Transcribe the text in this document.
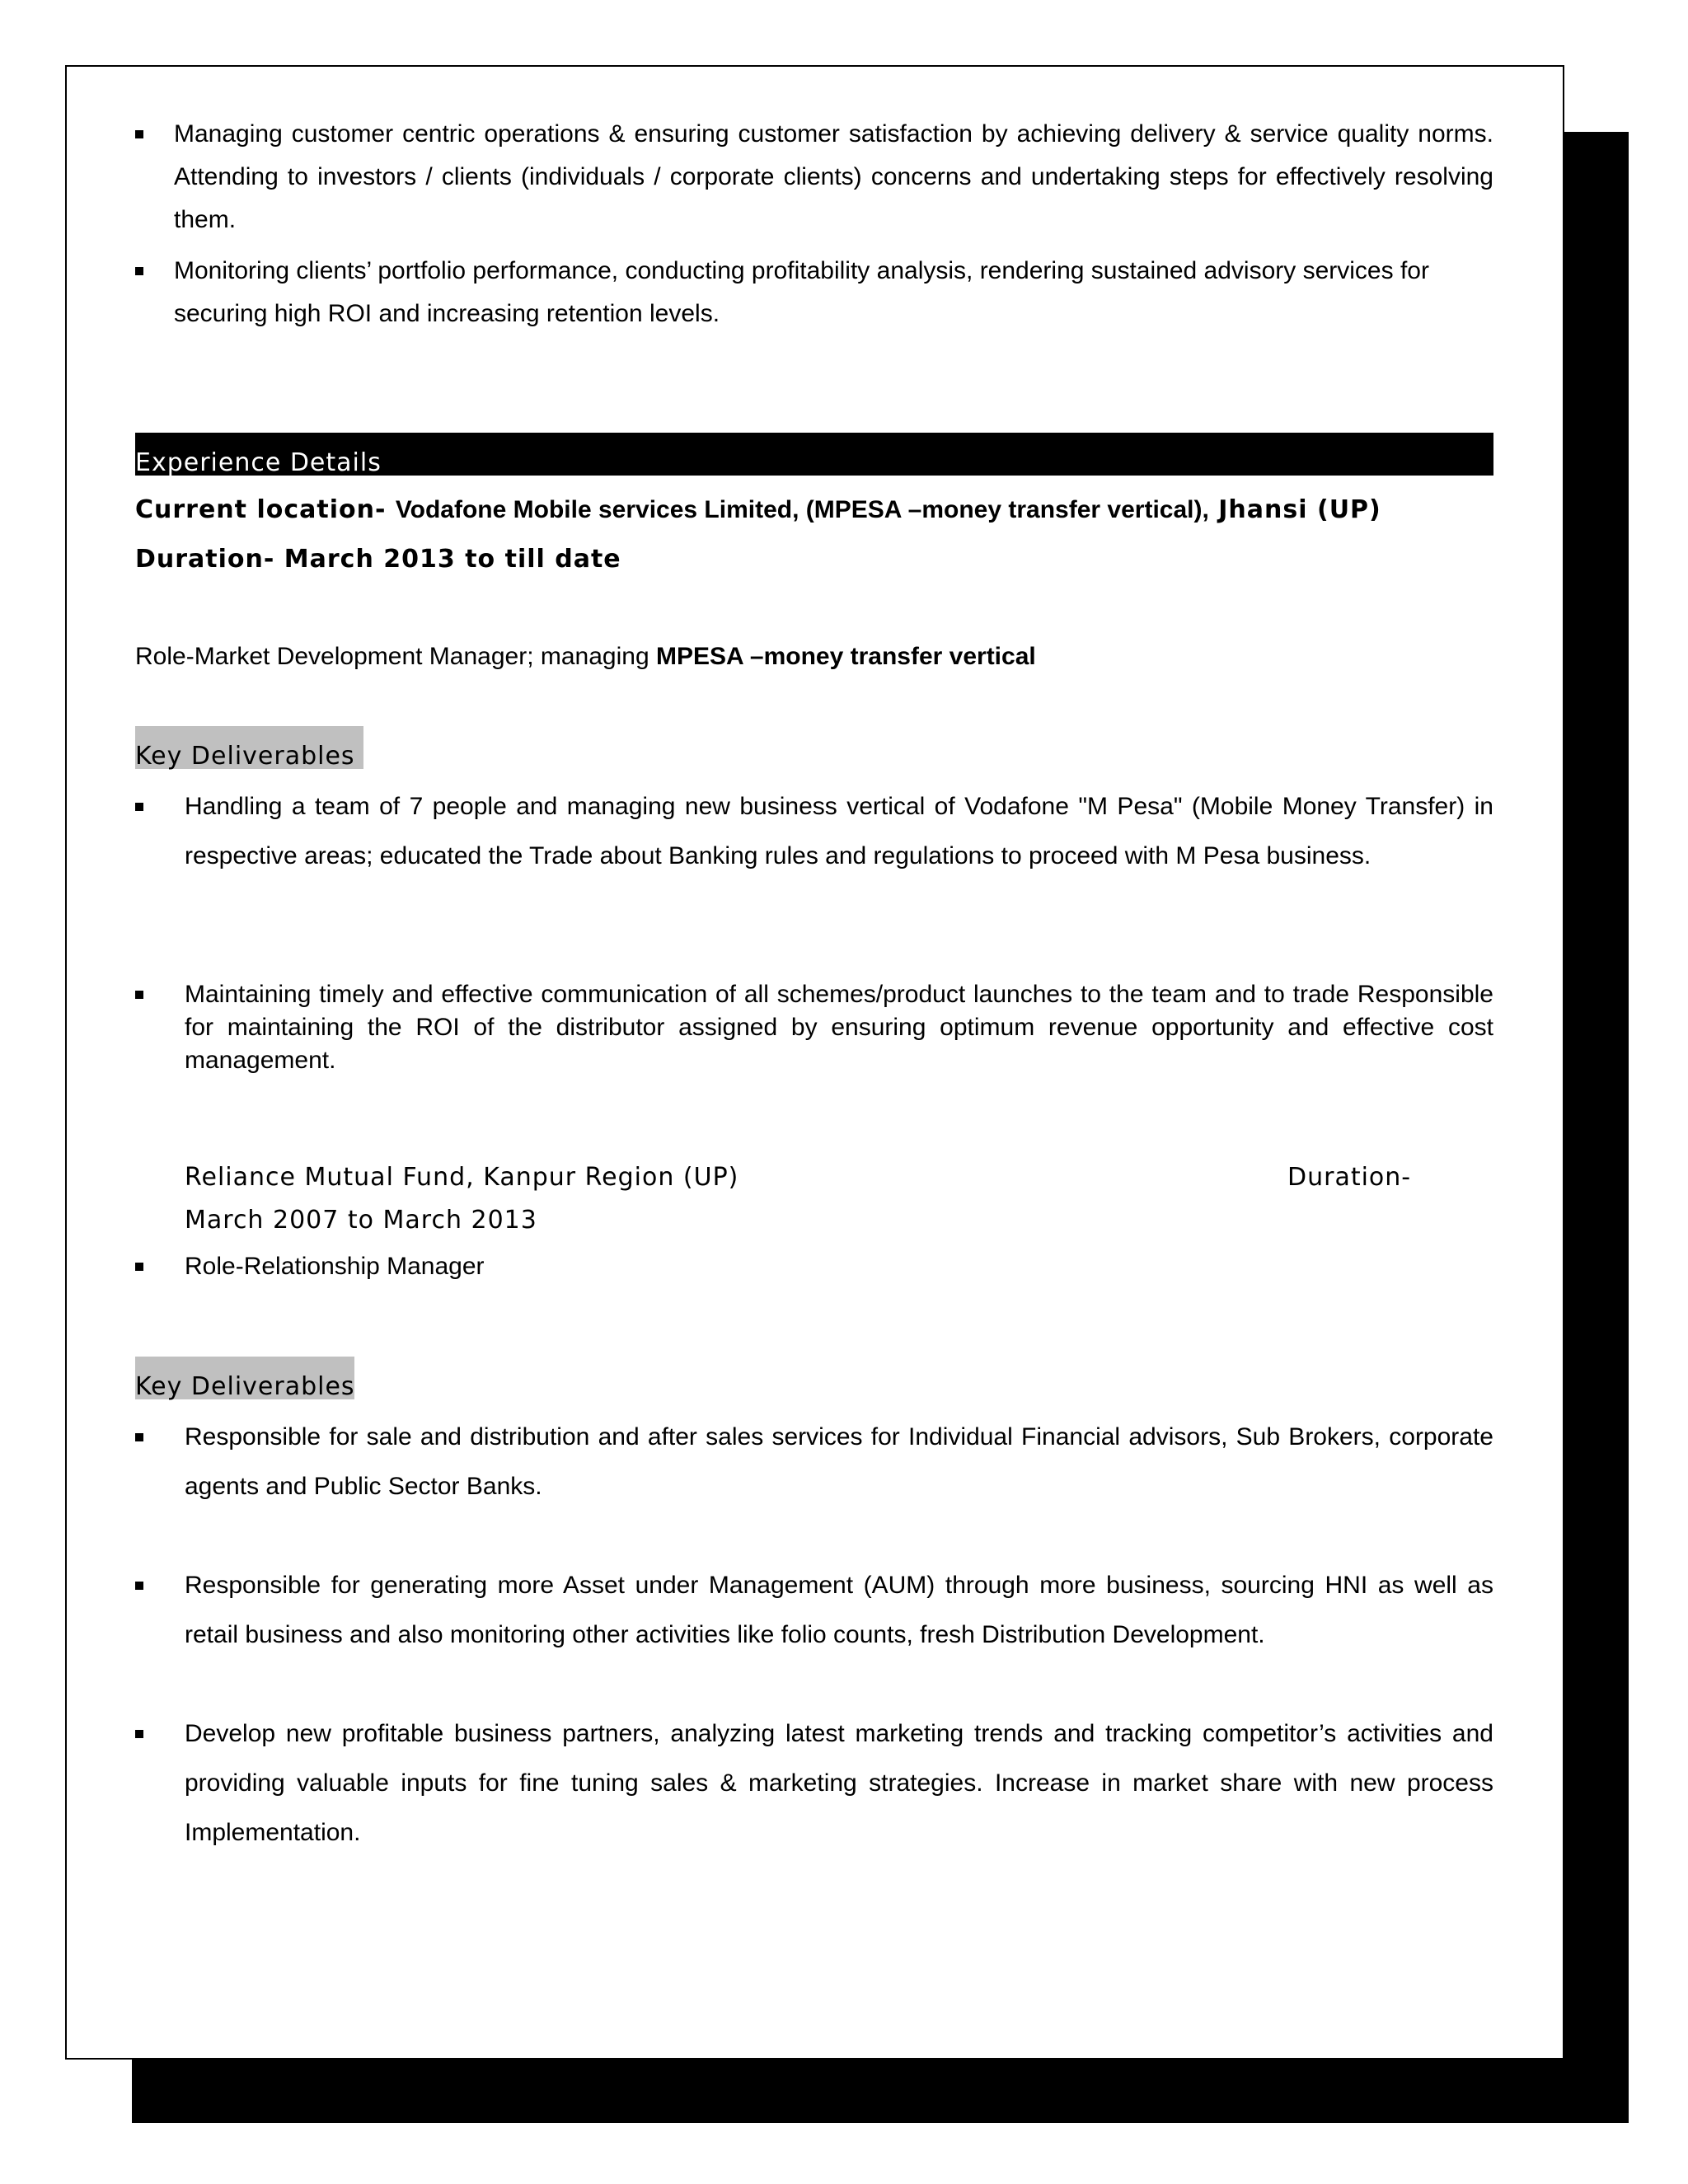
Managing customer centric operations & ensuring customer satisfaction by achieving delivery & service quality norms. Attending to investors / clients (individuals / corporate clients) concerns and undertaking steps for effectively resolving them.
Monitoring clients’ portfolio performance, conducting profitability analysis, rendering sustained advisory services for securing high ROI and increasing retention levels.
Experience Details
Current location- Vodafone Mobile services Limited, (MPESA –money transfer vertical), Jhansi (UP)
Duration- March 2013 to till date
Role-Market Development Manager; managing MPESA –money transfer vertical
Key Deliverables
Handling a team of 7 people and managing new business vertical of Vodafone "M Pesa" (Mobile Money Transfer) in respective areas; educated the Trade about Banking rules and regulations to proceed with M Pesa business.
Maintaining timely and effective communication of all schemes/product launches to the team and to trade Responsible for maintaining the ROI of the distributor assigned by ensuring optimum revenue opportunity and effective cost management.
Reliance Mutual Fund, Kanpur Region (UP)	Duration-
March 2007 to March 2013
Role-Relationship Manager
Key Deliverables
Responsible for sale and distribution and after sales services for Individual Financial advisors, Sub Brokers, corporate agents and Public Sector Banks.
Responsible for generating more Asset under Management (AUM) through more business, sourcing HNI as well as retail business and also monitoring other activities like folio counts, fresh Distribution Development.
Develop new profitable business partners, analyzing latest marketing trends and tracking competitor’s activities and providing valuable inputs for fine tuning sales & marketing strategies. Increase in market share with new process Implementation.
